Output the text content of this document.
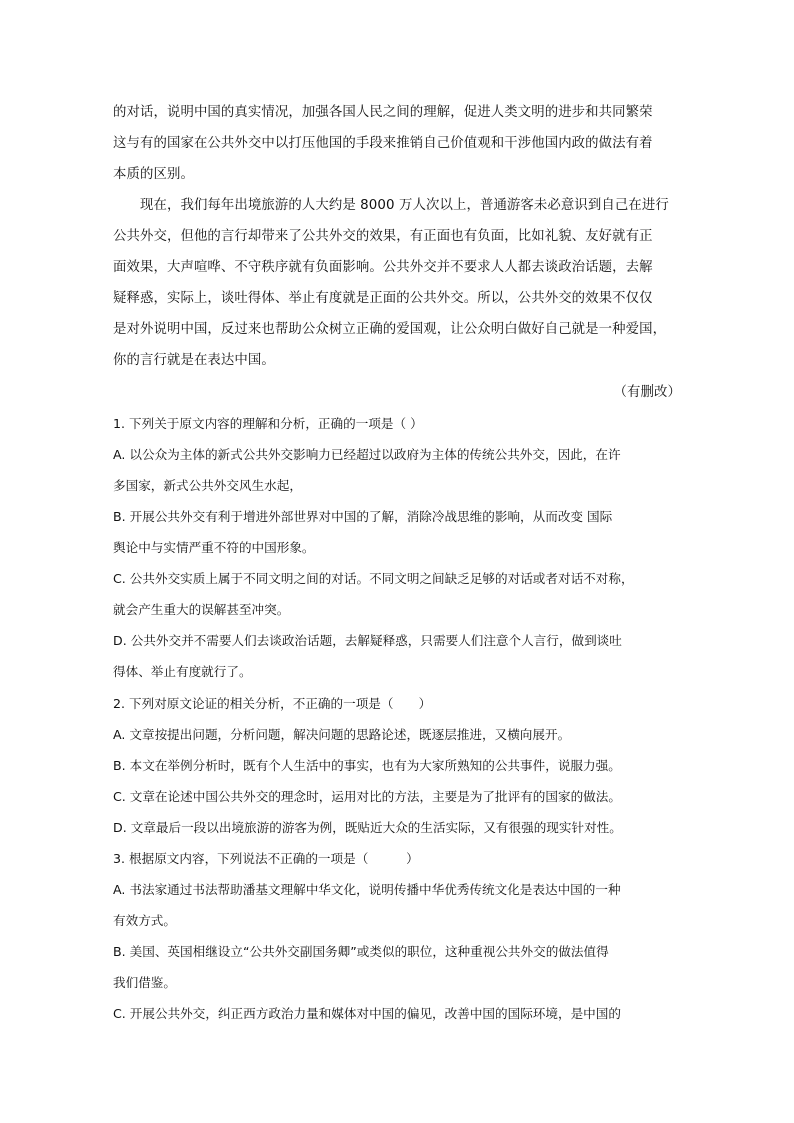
的对话，说明中国的真实情况，加强各国人民之间的理解，促进人类文明的进步和共同繁荣
这与有的国家在公共外交中以打压他国的手段来推销自己价值观和干涉他国内政的做法有着
本质的区别。
　　现在，我们每年出境旅游的人大约是 8000 万人次以上，普通游客未必意识到自己在进行
公共外交，但他的言行却带来了公共外交的效果，有正面也有负面，比如礼貌、友好就有正
面效果，大声喧哗、不守秩序就有负面影响。公共外交并不要求人人都去谈政治话题，去解
疑释惑，实际上，谈吐得体、举止有度就是正面的公共外交。所以，公共外交的效果不仅仅
是对外说明中国，反过来也帮助公众树立正确的爱国观，让公众明白做好自己就是一种爱国，
你的言行就是在表达中国。
（有删改）
1. 下列关于原文内容的理解和分析，正确的一项是（ ）
A. 以公众为主体的新式公共外交影响力已经超过以政府为主体的传统公共外交，因此，在许
多国家，新式公共外交风生水起，
B. 开展公共外交有利于增进外部世界对中国的了解，消除冷战思维的影响，从而改变 国际
舆论中与实情严重不符的中国形象。
C. 公共外交实质上属于不同文明之间的对话。不同文明之间缺乏足够的对话或者对话不对称，
就会产生重大的误解甚至冲突。
D. 公共外交并不需要人们去谈政治话题，去解疑释惑，只需要人们注意个人言行，做到谈吐
得体、举止有度就行了。
2. 下列对原文论证的相关分析，不正确的一项是（　　）
A. 文章按提出问题，分析问题，解决问题的思路论述，既逐层推进，又横向展开。
B. 本文在举例分析时，既有个人生活中的事实，也有为大家所熟知的公共事件，说服力强。
C. 文章在论述中国公共外交的理念时，运用对比的方法，主要是为了批评有的国家的做法。
D. 文章最后一段以出境旅游的游客为例，既贴近大众的生活实际，又有很强的现实针对性。
3. 根据原文内容，下列说法不正确的一项是（　　　）
A. 书法家通过书法帮助潘基文理解中华文化，说明传播中华优秀传统文化是表达中国的一种
有效方式。
B. 美国、英国相继设立“公共外交副国务卿”或类似的职位，这种重视公共外交的做法值得
我们借鉴。
C. 开展公共外交，纠正西方政治力量和媒体对中国的偏见，改善中国的国际环境，是中国的
